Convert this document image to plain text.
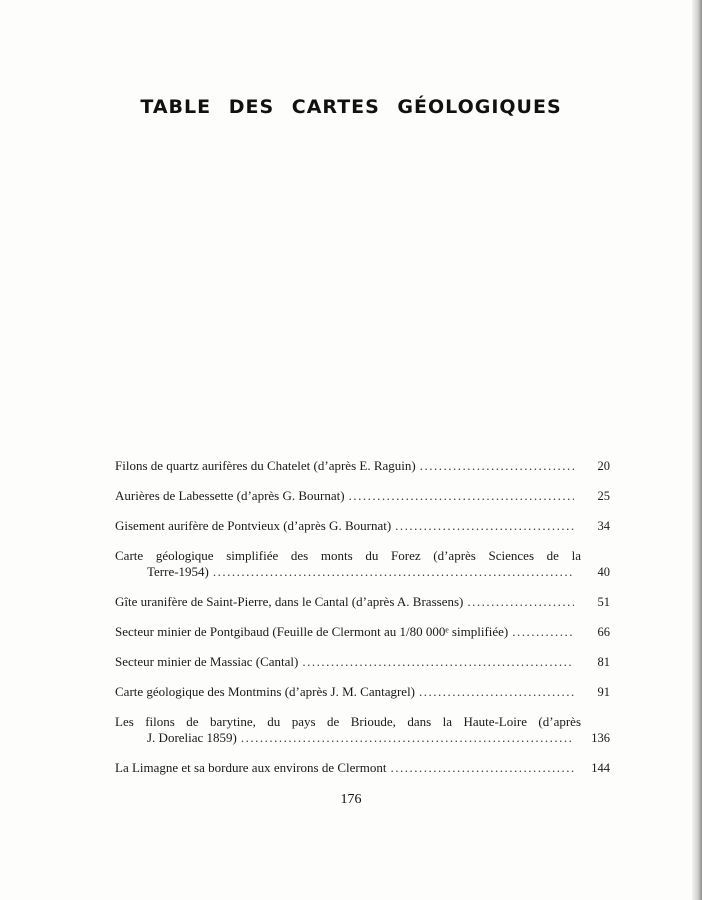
TABLE DES CARTES GÉOLOGIQUES
Filons de quartz aurifères du Chatelet (d’après E. Raguin) .....	20
Aurières de Labessette (d’après G. Bournat) .....	25
Gisement aurifère de Pontvieux (d’après G. Bournat) .....	34
Carte géologique simplifiée des monts du Forez (d’après Sciences de la
Terre-1954) .....	40
Gîte uranifère de Saint-Pierre, dans le Cantal (d’après A. Brassens) .....	51
Secteur minier de Pontgibaud (Feuille de Clermont au 1/80 000ᵉ simplifiée) .....	66
Secteur minier de Massiac (Cantal) .....	81
Carte géologique des Montmins (d’après J. M. Cantagrel) .....	91
Les filons de barytine, du pays de Brioude, dans la Haute-Loire (d’après
J. Doreliac 1859) .....	136
La Limagne et sa bordure aux environs de Clermont .....	144
176
